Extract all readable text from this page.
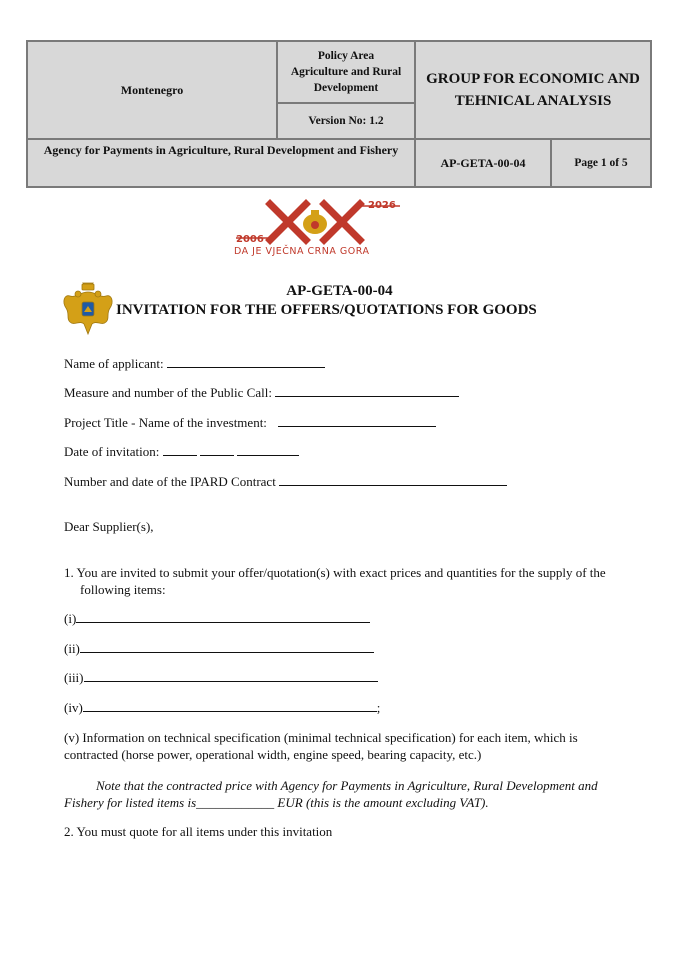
Montenegro
Policy Area
Agriculture and Rural Development
Version No: 1.2
GROUP FOR ECONOMIC AND TEHNICAL ANALYSIS
Agency for Payments in Agriculture, Rural Development and Fishery
AP-GETA-00-04	Page 1 of 5
2006
2026
DA JE VJEČNA CRNA GORA
AP-GETA-00-04
INVITATION FOR THE OFFERS/QUOTATIONS FOR GOODS
Name of applicant:
Measure and number of the Public Call:
Project Title - Name of the investment:
Date of invitation:
Number and date of the IPARD Contract
Dear Supplier(s),
1. You are invited to submit your offer/quotation(s) with exact prices and quantities for the supply of the following items:
(i)
(ii)
(iii)
(iv)	;
(v) Information on technical specification (minimal technical specification) for each item, which is contracted (horse power, operational width, engine speed, bearing capacity, etc.)
Note that the contracted price with Agency for Payments in Agriculture, Rural Development and Fishery for listed items is____________ EUR (this is the amount excluding VAT).
2. You must quote for all items under this invitation
